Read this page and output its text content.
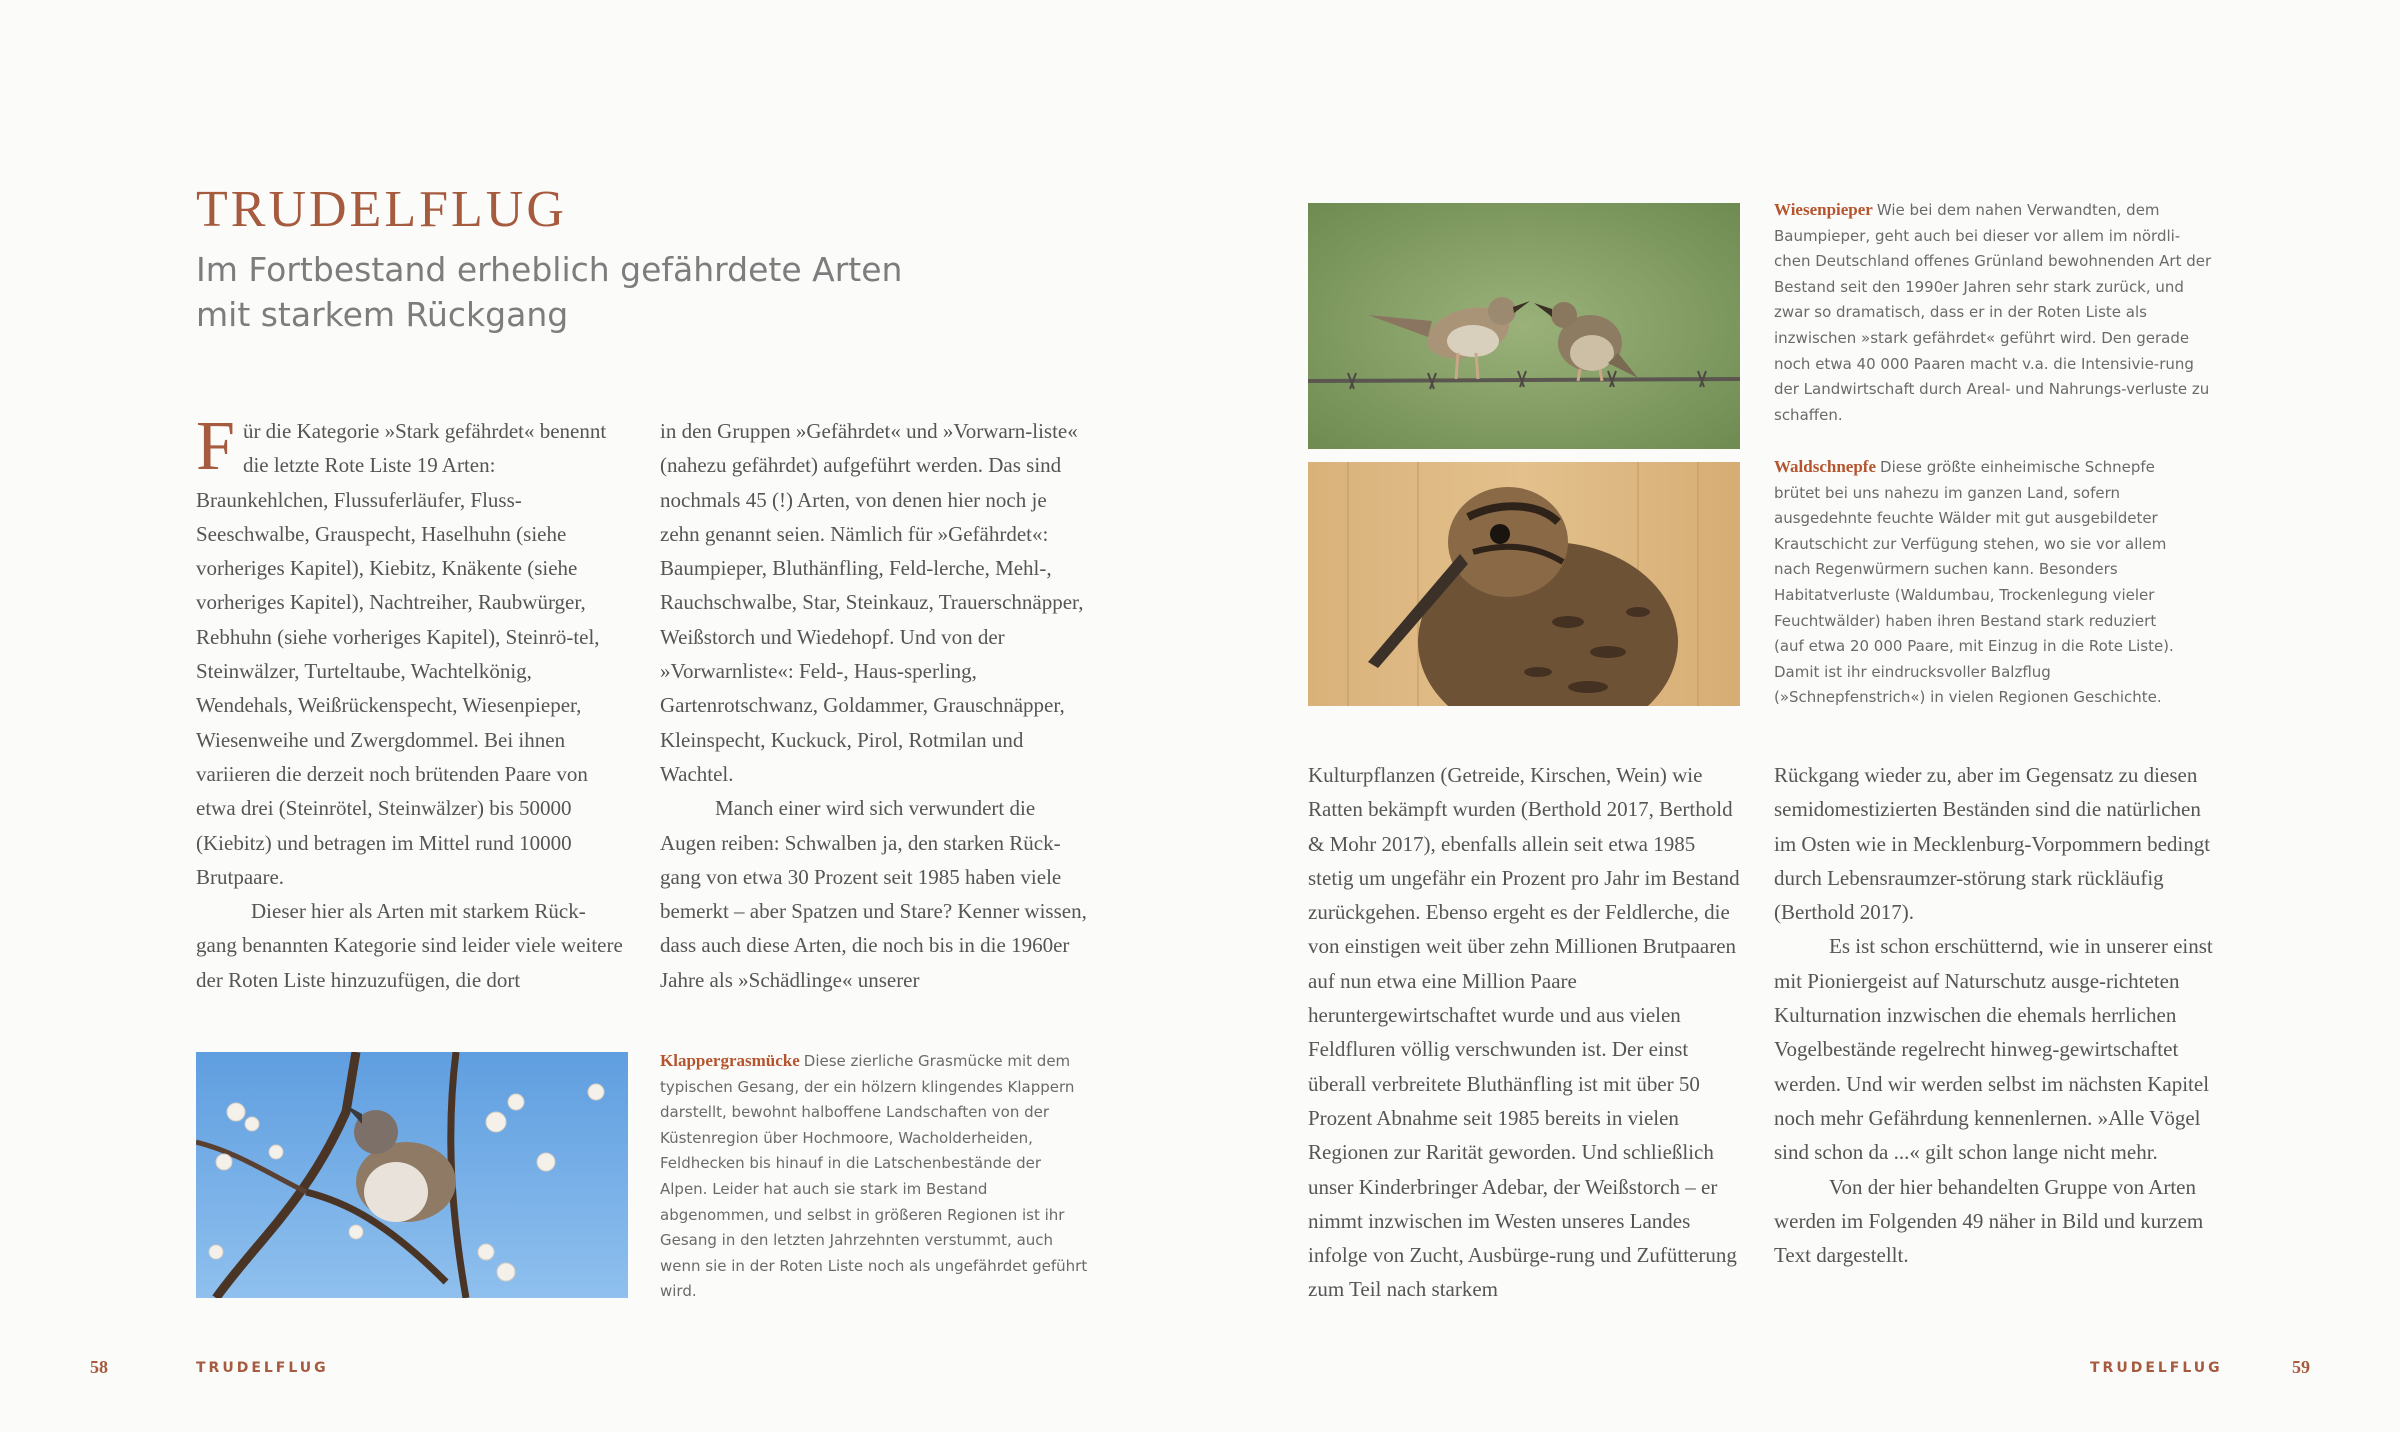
TRUDELFLUG
Im Fortbestand erheblich gefährdete Arten mit starkem Rückgang
F ür die Kategorie »Stark gefährdet« benennt die letzte Rote Liste 19 Arten: Braunkehlchen, Flussuferläufer, Fluss-Seeschwalbe, Grauspecht, Haselhuhn (siehe vorheriges Kapitel), Kiebitz, Knäkente (siehe vorheriges Kapitel), Nachtreiher, Raubwürger, Rebhuhn (siehe vorheriges Kapitel), Steinrö-tel, Steinwälzer, Turteltaube, Wachtelkönig, Wendehals, Weißrückenspecht, Wiesenpieper, Wiesenweihe und Zwergdommel. Bei ihnen variieren die derzeit noch brütenden Paare von etwa drei (Steinrötel, Steinwälzer) bis 50000 (Kiebitz) und betragen im Mittel rund 10000 Brutpaare.

Dieser hier als Arten mit starkem Rück-gang benannten Kategorie sind leider viele weitere der Roten Liste hinzuzufügen, die dort

in den Gruppen »Gefährdet« und »Vorwarn-liste« (nahezu gefährdet) aufgeführt werden. Das sind nochmals 45 (!) Arten, von denen hier noch je zehn genannt seien. Nämlich für »Gefährdet«: Baumpieper, Bluthänfling, Feld-lerche, Mehl-, Rauchschwalbe, Star, Steinkauz, Trauerschnäpper, Weißstorch und Wiedehopf. Und von der »Vorwarnliste«: Feld-, Haus-sperling, Gartenrotschwanz, Goldammer, Grauschnäpper, Kleinspecht, Kuckuck, Pirol, Rotmilan und Wachtel.

Manch einer wird sich verwundert die Augen reiben: Schwalben ja, den starken Rück-gang von etwa 30 Prozent seit 1985 haben viele bemerkt – aber Spatzen und Stare? Kenner wissen, dass auch diese Arten, die noch bis in die 1960er Jahre als »Schädlinge« unserer

Klappergrasmücke Diese zierliche Grasmücke mit dem typischen Gesang, der ein hölzern klingendes Klappern darstellt, bewohnt halboffene Landschaften von der Küstenregion über Hochmoore, Wacholderheiden, Feldhecken bis hinauf in die Latschenbestände der Alpen. Leider hat auch sie stark im Bestand abgenommen, und selbst in größeren Regionen ist ihr Gesang in den letzten Jahrzehnten verstummt, auch wenn sie in der Roten Liste noch als ungefährdet geführt wird.
58	TRUDELFLUG
Wiesenpieper Wie bei dem nahen Verwandten, dem Baumpieper, geht auch bei dieser vor allem im nördli-chen Deutschland offenes Grünland bewohnenden Art der Bestand seit den 1990er Jahren sehr stark zurück, und zwar so dramatisch, dass er in der Roten Liste als inzwischen »stark gefährdet« geführt wird. Den gerade noch etwa 40 000 Paaren macht v.a. die Intensivie-rung der Landwirtschaft durch Areal- und Nahrungs-verluste zu schaffen.
Waldschnepfe Diese größte einheimische Schnepfe brütet bei uns nahezu im ganzen Land, sofern ausgedehnte feuchte Wälder mit gut ausgebildeter Krautschicht zur Verfügung stehen, wo sie vor allem nach Regenwürmern suchen kann. Besonders Habitatverluste (Waldumbau, Trockenlegung vieler Feuchtwälder) haben ihren Bestand stark reduziert (auf etwa 20 000 Paare, mit Einzug in die Rote Liste). Damit ist ihr eindrucksvoller Balzflug (»Schnepfenstrich«) in vielen Regionen Geschichte.

Kulturpflanzen (Getreide, Kirschen, Wein) wie Ratten bekämpft wurden (Berthold 2017, Berthold & Mohr 2017), ebenfalls allein seit etwa 1985 stetig um ungefähr ein Prozent pro Jahr im Bestand zurückgehen. Ebenso ergeht es der Feldlerche, die von einstigen weit über zehn Millionen Brutpaaren auf nun etwa eine Million Paare heruntergewirtschaftet wurde und aus vielen Feldfluren völlig verschwunden ist. Der einst überall verbreitete Bluthänfling ist mit über 50 Prozent Abnahme seit 1985 bereits in vielen Regionen zur Rarität geworden. Und schließlich unser Kinderbringer Adebar, der Weißstorch – er nimmt inzwischen im Westen unseres Landes infolge von Zucht, Ausbürge-rung und Zufütterung zum Teil nach starkem

Rückgang wieder zu, aber im Gegensatz zu diesen semidomestizierten Beständen sind die natürlichen im Osten wie in Mecklenburg-Vorpommern bedingt durch Lebensraumzer-störung stark rückläufig (Berthold 2017).

Es ist schon erschütternd, wie in unserer einst mit Pioniergeist auf Naturschutz ausge-richteten Kulturnation inzwischen die ehemals herrlichen Vogelbestände regelrecht hinweg-gewirtschaftet werden. Und wir werden selbst im nächsten Kapitel noch mehr Gefährdung kennenlernen. »Alle Vögel sind schon da ...« gilt schon lange nicht mehr.

Von der hier behandelten Gruppe von Arten werden im Folgenden 49 näher in Bild und kurzem Text dargestellt.

TRUDELFLUG	59
